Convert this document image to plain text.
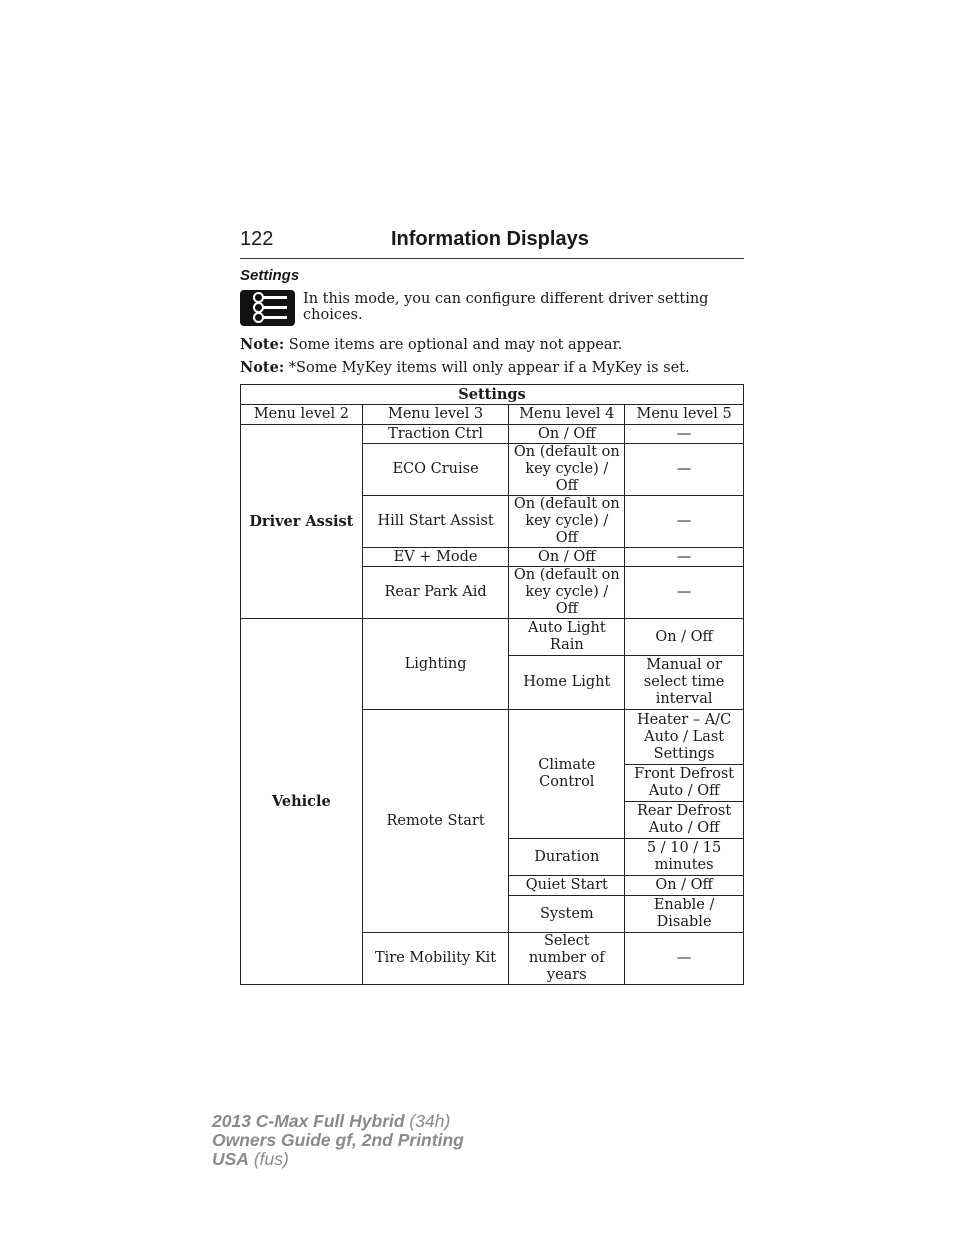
122	Information Displays
Settings
In this mode, you can configure different driver setting choices.
Note: Some items are optional and may not appear.
Note: *Some MyKey items will only appear if a MyKey is set.
Settings			
Menu level 2	Menu level 3	Menu level 4	Menu level 5
Driver Assist	Traction Ctrl	On / Off	—
	ECO Cruise	On (default on key cycle) / Off	—
	Hill Start Assist	On (default on key cycle) / Off	—
	EV + Mode	On / Off	—
	Rear Park Aid	On (default on key cycle) / Off	—
Vehicle	Lighting	Auto Light Rain	On / Off
		Home Light	Manual or select time interval
	Remote Start	Climate Control	Heater – A/C Auto / Last Settings
			Front Defrost Auto / Off
			Rear Defrost Auto / Off
		Duration	5 / 10 / 15 minutes
		Quiet Start	On / Off
		System	Enable / Disable
	Tire Mobility Kit	Select number of years	—
2013 C-Max Full Hybrid (34h)
Owners Guide gf, 2nd Printing
USA (fus)
